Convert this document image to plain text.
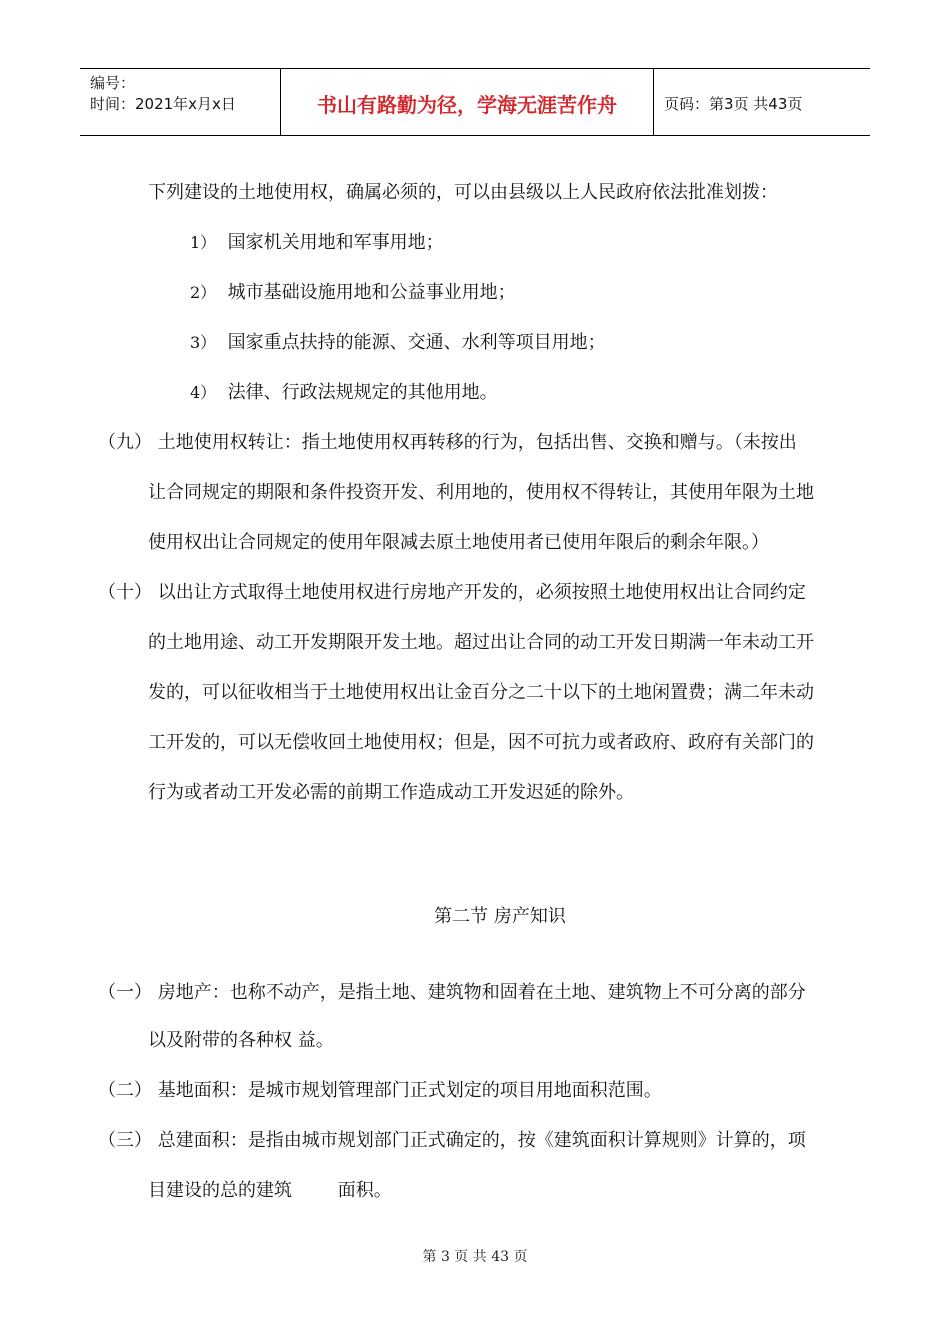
编号：
时间：2021年x月x日	书山有路勤为径，学海无涯苦作舟	页码：第3页 共43页
下列建设的土地使用权，确属必须的，可以由县级以上人民政府依法批准划拨：
1） 国家机关用地和军事用地；
2） 城市基础设施用地和公益事业用地；
3） 国家重点扶持的能源、交通、水利等项目用地；
4） 法律、行政法规规定的其他用地。
（九） 土地使用权转让：指土地使用权再转移的行为，包括出售、交换和赠与。（未按出
让合同规定的期限和条件投资开发、利用地的，使用权不得转让，其使用年限为土地
使用权出让合同规定的使用年限减去原土地使用者已使用年限后的剩余年限。）
（十） 以出让方式取得土地使用权进行房地产开发的，必须按照土地使用权出让合同约定
的土地用途、动工开发期限开发土地。超过出让合同的动工开发日期满一年未动工开
发的，可以征收相当于土地使用权出让金百分之二十以下的土地闲置费；满二年未动
工开发的，可以无偿收回土地使用权；但是，因不可抗力或者政府、政府有关部门的
行为或者动工开发必需的前期工作造成动工开发迟延的除外。
第二节 房产知识
（一） 房地产：也称不动产，是指土地、建筑物和固着在土地、建筑物上不可分离的部分
以及附带的各种权 益。
（二） 基地面积：是城市规划管理部门正式划定的项目用地面积范围。
（三） 总建面积：是指由城市规划部门正式确定的，按《建筑面积计算规则》计算的，项
目建设的总的建筑        面积。
第 3 页 共 43 页
